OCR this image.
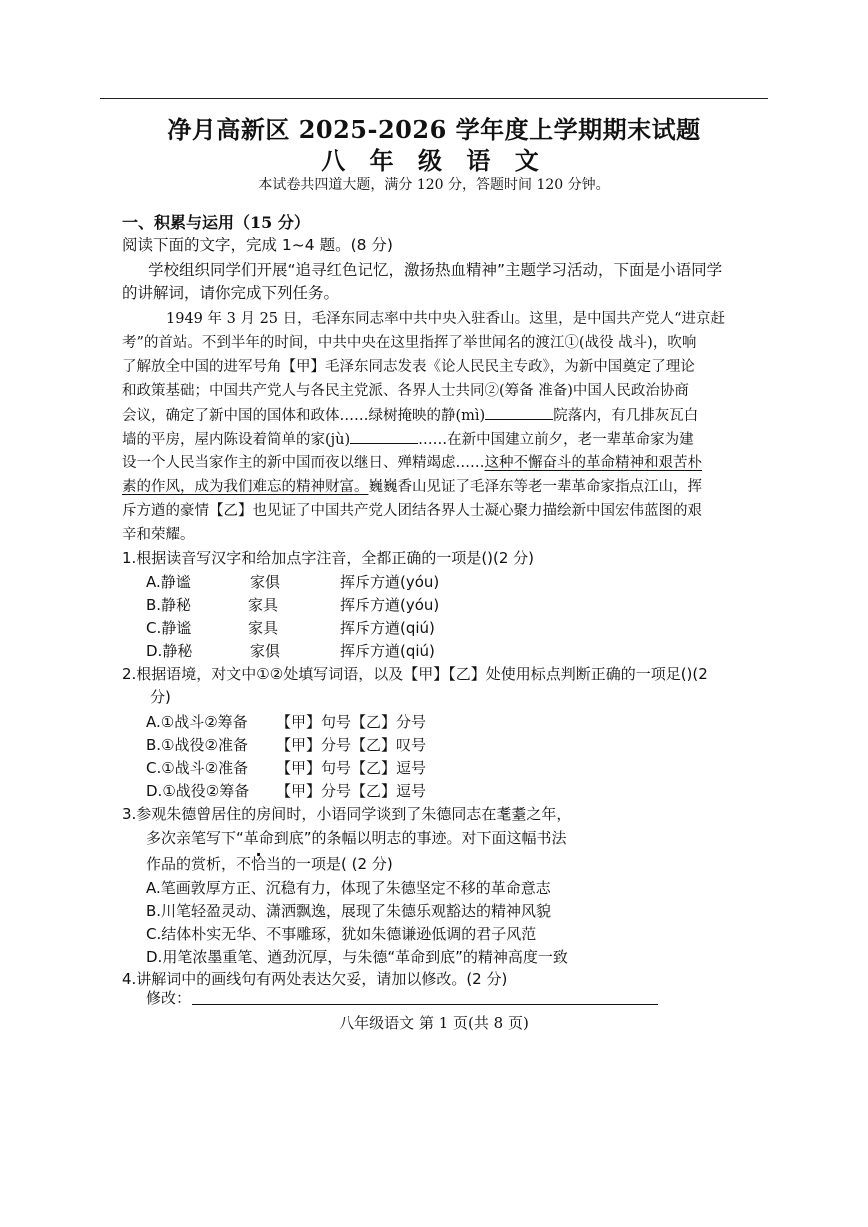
净月高新区 2025-2026 学年度上学期期末试题
八 年 级 语 文
本试卷共四道大题，满分 120 分，答题时间 120 分钟。
一、积累与运用（15 分）
阅读下面的文字，完成 1~4 题。(8 分)
学校组织同学们开展“追寻红色记忆，激扬热血精神”主题学习活动，下面是小语同学
的讲解词，请你完成下列任务。
1949 年 3 月 25 日，毛泽东同志率中共中央入驻香山。这里，是中国共产党人“进京赶
考”的首站。不到半年的时间，中共中央在这里指挥了举世闻名的渡江①(战役 战斗)，吹响
了解放全中国的进军号角【甲】毛泽东同志发表《论人民民主专政》，为新中国奠定了理论
和政策基础；中国共产党人与各民主党派、各界人士共同②(筹备 准备)中国人民政治协商
会议，确定了新中国的国体和政体……绿树掩映的静(mì)	院落内，有几排灰瓦白
墙的平房，屋内陈设着简单的家(jù)	……在新中国建立前夕，老一辈革命家为建
设一个人民当家作主的新中国而夜以继日、殚精竭虑……这种不懈奋斗的革命精神和艰苦朴
素的作风，成为我们难忘的精神财富。巍巍香山见证了毛泽东等老一辈革命家指点江山，挥
斥方遒的豪情【乙】也见证了中国共产党人团结各界人士凝心聚力描绘新中国宏伟蓝图的艰
辛和荣耀。
1.根据读音写汉字和给加点字注音，全都正确的一项是()(2 分)
A.静谧	家俱	挥斥方遒(yóu)
B.静秘	家具	挥斥方遒(yóu)
C.静谧	家具	挥斥方遒(qiú)
D.静秘	家俱	挥斥方遒(qiú)
2.根据语境，对文中①②处填写词语，以及【甲】【乙】处使用标点判断正确的一项足()(2
分)
A.①战斗②筹备 【甲】句号【乙】分号
B.①战役②准备 【甲】分号【乙】叹号
C.①战斗②准备 【甲】句号【乙】逗号
D.①战役②筹备 【甲】分号【乙】逗号
3.参观朱德曾居住的房间时，小语同学谈到了朱德同志在耄耋之年，
多次亲笔写下“革命到底”的条幅以明志的事迹。对下面这幅书法
作品的赏析，不恰当的一项是( (2 分)
A.笔画敦厚方正、沉稳有力，体现了朱德坚定不移的革命意志
B.川笔轻盈灵动、潇洒飘逸，展现了朱德乐观豁达的精神风貌
C.结体朴实无华、不事雕琢，犹如朱德谦逊低调的君子风范
D.用笔浓墨重笔、遒劲沉厚，与朱德“革命到底”的精神高度一致
4.讲解词中的画线句有两处表达欠妥，请加以修改。(2 分)
修改：
八年级语文 第 1 页(共 8 页)
